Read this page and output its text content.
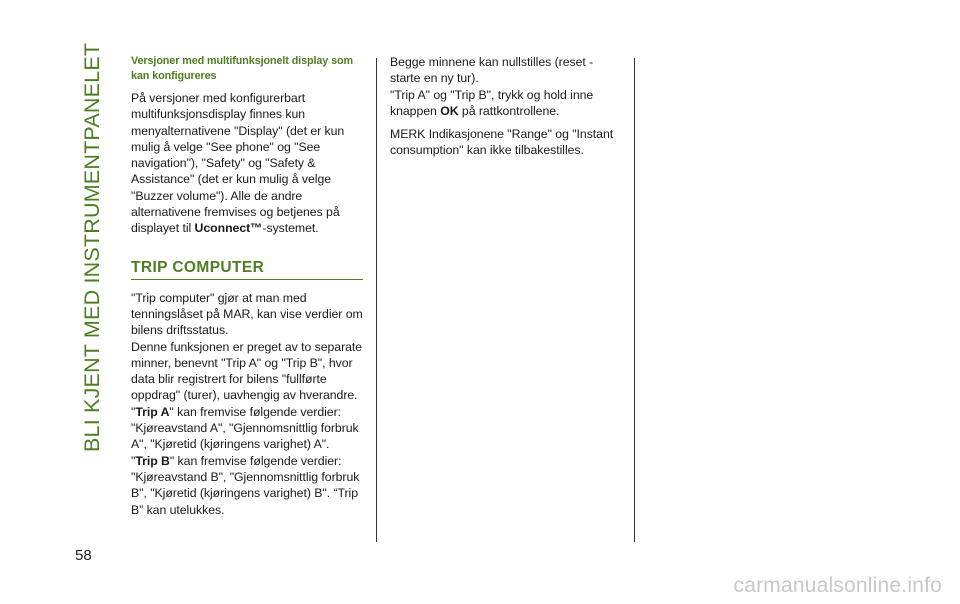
BLI KJENT MED INSTRUMENTPANELET
58
Versjoner med multifunksjonelt display som kan konfigureres

På versjoner med konfigurerbart multifunksjonsdisplay finnes kun menyalternativene "Display" (det er kun mulig å velge "See phone" og "See navigation"), "Safety" og "Safety & Assistance" (det er kun mulig å velge "Buzzer volume"). Alle de andre alternativene fremvises og betjenes på displayet til Uconnect™-systemet.

TRIP COMPUTER

"Trip computer" gjør at man med tenningslåset på MAR, kan vise verdier om bilens driftsstatus.

Denne funksjonen er preget av to separate minner, benevnt "Trip A" og "Trip B", hvor data blir registrert for bilens "fullførte oppdrag" (turer), uavhengig av hverandre.

"Trip A" kan fremvise følgende verdier: "Kjøreavstand A", "Gjennomsnittlig forbruk A", "Kjøretid (kjøringens varighet) A".

"Trip B" kan fremvise følgende verdier: "Kjøreavstand B", "Gjennomsnittlig forbruk B", "Kjøretid (kjøringens varighet) B". “Trip B” kan utelukkes.

Begge minnene kan nullstilles (reset - starte en ny tur).

"Trip A" og "Trip B", trykk og hold inne knappen OK på rattkontrollene.

MERK Indikasjonene "Range" og "Instant consumption" kan ikke tilbakestilles.

carmanualsonline.info
